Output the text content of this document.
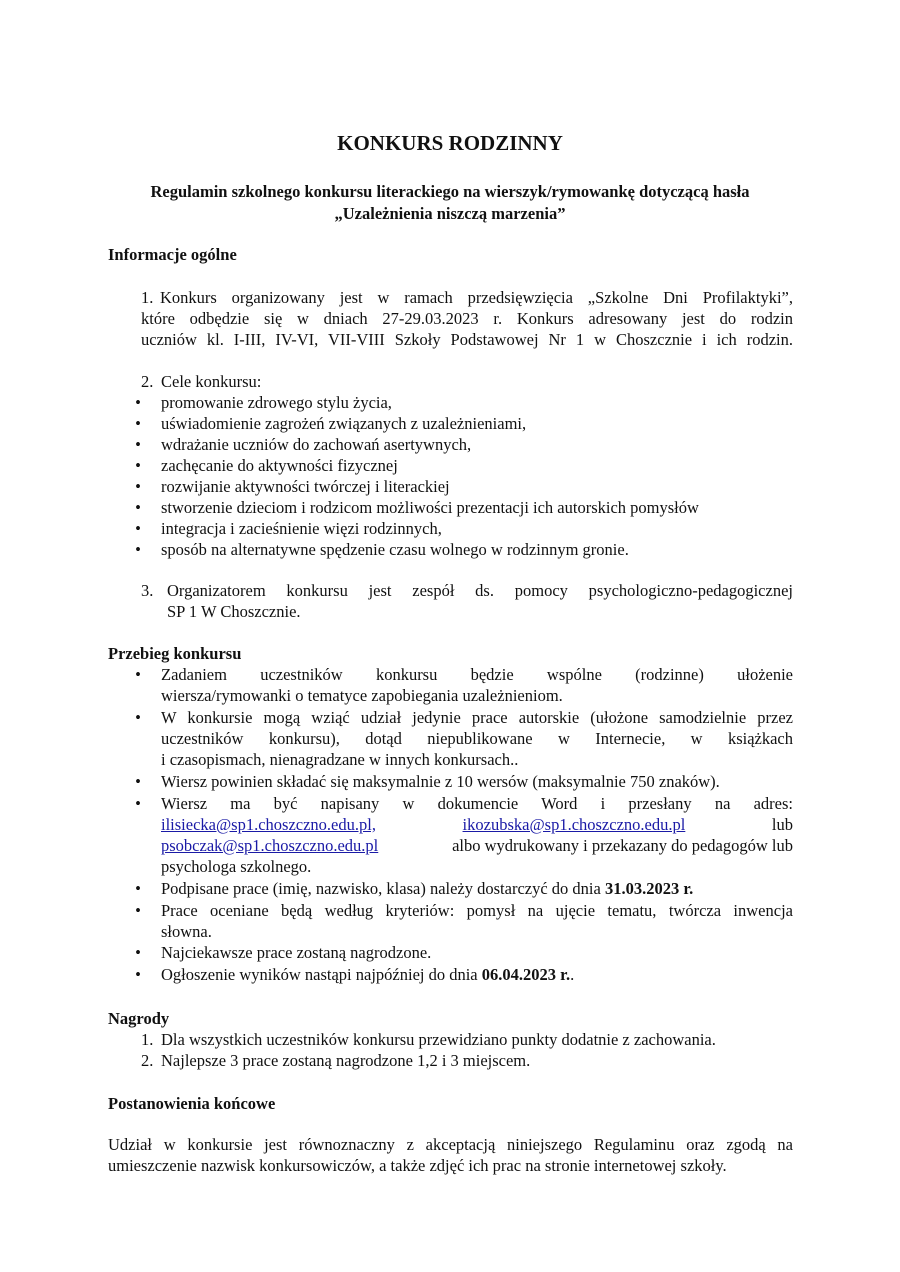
KONKURS RODZINNY
Regulamin szkolnego konkursu literackiego na wierszyk/rymowankę dotyczącą hasła
„Uzależnienia niszczą marzenia”
Informacje ogólne
1. Konkurs organizowany jest w ramach przedsięwzięcia „Szkolne Dni Profilaktyki”,
które odbędzie się w dniach 27-29.03.2023 r. Konkurs adresowany jest do rodzin
uczniów kl. I-III, IV-VI, VII-VIII Szkoły Podstawowej Nr 1 w Choszcznie i ich rodzin.
2. Cele konkursu:
• promowanie zdrowego stylu życia,
• uświadomienie zagrożeń związanych z uzależnieniami,
• wdrażanie uczniów do zachowań asertywnych,
• zachęcanie do aktywności fizycznej
• rozwijanie aktywności twórczej i literackiej
• stworzenie dzieciom i rodzicom możliwości prezentacji ich autorskich pomysłów
• integracja i zacieśnienie więzi rodzinnych,
• sposób na alternatywne spędzenie czasu wolnego w rodzinnym gronie.
3. Organizatorem konkursu jest zespół ds. pomocy psychologiczno-pedagogicznej
SP 1 W Choszcznie.
Przebieg konkursu
• Zadaniem uczestników konkursu będzie wspólne (rodzinne) ułożenie
wiersza/rymowanki o tematyce zapobiegania uzależnieniom.
• W konkursie mogą wziąć udział jedynie prace autorskie (ułożone samodzielnie przez
uczestników konkursu), dotąd niepublikowane w Internecie, w książkach
i czasopismach, nienagradzane w innych konkursach..
• Wiersz powinien składać się maksymalnie z 10 wersów (maksymalnie 750 znaków).
• Wiersz ma być napisany w dokumencie Word i przesłany na adres:
ilisiecka@sp1.choszczno.edu.pl,	ikozubska@sp1.choszczno.edu.pl	lub
psobczak@sp1.choszczno.edu.pl	albo wydrukowany i przekazany do pedagogów lub
psychologa szkolnego.
• Podpisane prace (imię, nazwisko, klasa) należy dostarczyć do dnia 31.03.2023 r.
• Prace oceniane będą według kryteriów: pomysł na ujęcie tematu, twórcza inwencja
słowna.
• Najciekawsze prace zostaną nagrodzone.
• Ogłoszenie wyników nastąpi najpóźniej do dnia 06.04.2023 r..
Nagrody
1. Dla wszystkich uczestników konkursu przewidziano punkty dodatnie z zachowania.
2. Najlepsze 3 prace zostaną nagrodzone 1,2 i 3 miejscem.
Postanowienia końcowe
Udział w konkursie jest równoznaczny z akceptacją niniejszego Regulaminu oraz zgodą na
umieszczenie nazwisk konkursowiczów, a także zdjęć ich prac na stronie internetowej szkoły.
